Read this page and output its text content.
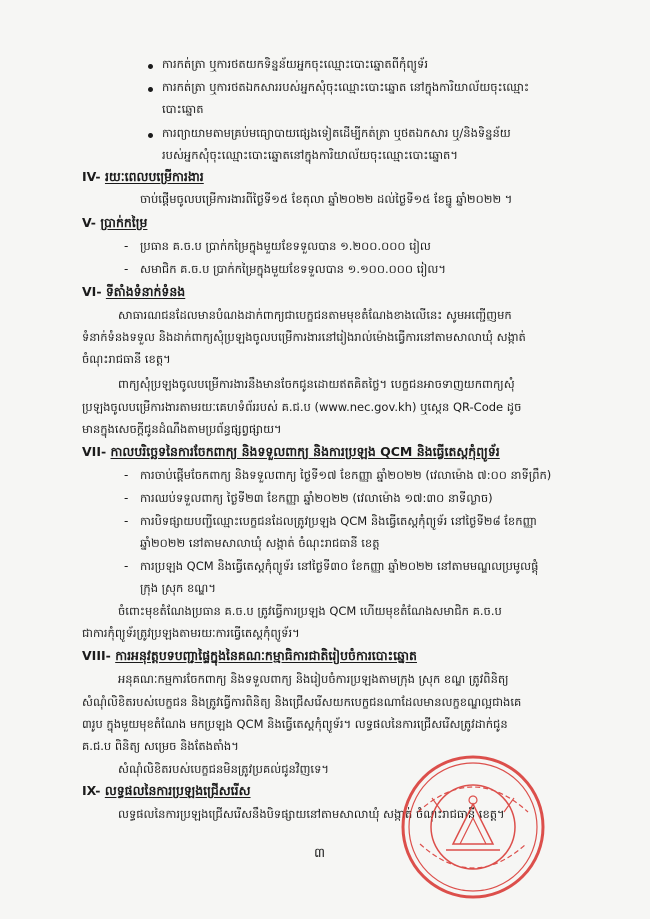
ការកត់ត្រា ឬការថតយកទិន្នន័យអ្នកចុះឈ្មោះបោះឆ្នោតពីកុំព្យូទ័រ
ការកត់ត្រា ឬការថតឯកសាររបស់អ្នកសុំចុះឈ្មោះបោះឆ្នោត នៅក្នុងការិយាល័យចុះឈ្មោះ
បោះឆ្នោត
ការព្យាយាមតាមគ្រប់មធ្យោបាយផ្សេងទៀតដើម្បីកត់ត្រា ឬថតឯកសារ ឬ/និងទិន្នន័យ
របស់អ្នកសុំចុះឈ្មោះបោះឆ្នោតនៅក្នុងការិយាល័យចុះឈ្មោះបោះឆ្នោត។
IV- រយៈពេលបម្រើការងារ
ចាប់ផ្តើមចូលបម្រើការងារពីថ្ងៃទី១៥ ខែតុលា ឆ្នាំ២០២២ ដល់ថ្ងៃទី១៥ ខែធ្នូ ឆ្នាំ២០២២ ។
V- ប្រាក់កម្រៃ
- ប្រធាន គ.ច.ប ប្រាក់កម្រៃក្នុងមួយខែទទួលបាន ១.២០០.០០០ រៀល
- សមាជិក គ.ច.ប ប្រាក់កម្រៃក្នុងមួយខែទទួលបាន ១.១០០.០០០ រៀល។
VI- ទីតាំងទំនាក់ទំនង
សាធារណជនដែលមានបំណងដាក់ពាក្យជាបេក្ខជនតាមមុខតំណែងខាងលើនេះ សូមអញ្ជើញមក
ទំនាក់ទំនងទទួល និងដាក់ពាក្យសុំប្រឡងចូលបម្រើការងារនៅរៀងរាល់ម៉ោងធ្វើការនៅតាមសាលាឃុំ សង្កាត់
ចំណុះរាជធានី ខេត្ត។
ពាក្យសុំប្រឡងចូលបម្រើការងារនឹងមានចែកជូនដោយឥតគិតថ្លៃ។ បេក្ខជនអាចទាញយកពាក្យសុំ
ប្រឡងចូលបម្រើការងារតាមរយៈគេហទំព័ររបស់ គ.ជ.ប (www.nec.gov.kh) ឬស្កេន QR-Code ដូច
មានក្នុងសេចក្តីជូនដំណឹងតាមប្រព័ន្ធផ្សព្វផ្សាយ។
VII- កាលបរិច្ឆេទនៃការចែកពាក្យ និងទទួលពាក្យ និងការប្រឡង QCM និងធ្វើតេស្តកុំព្យូទ័រ
- ការចាប់ផ្តើមចែកពាក្យ និងទទួលពាក្យ ថ្ងៃទី១៧ ខែកញ្ញា ឆ្នាំ២០២២ (វេលាម៉ោង ៧:០០ នាទីព្រឹក)
- ការឈប់ទទួលពាក្យ ថ្ងៃទី២៣ ខែកញ្ញា ឆ្នាំ២០២២ (វេលាម៉ោង ១៧:៣០ នាទីល្ងាច)
- ការបិទផ្សាយបញ្ជីឈ្មោះបេក្ខជនដែលត្រូវប្រឡង QCM និងធ្វើតេស្តកុំព្យូទ័រ នៅថ្ងៃទី២៨ ខែកញ្ញា
ឆ្នាំ២០២២ នៅតាមសាលាឃុំ សង្កាត់ ចំណុះរាជធានី ខេត្ត
- ការប្រឡង QCM និងធ្វើតេស្តកុំព្យូទ័រ នៅថ្ងៃទី៣០ ខែកញ្ញា ឆ្នាំ២០២២ នៅតាមមណ្ឌលប្រមូលផ្តុំ
ក្រុង ស្រុក ខណ្ឌ។
ចំពោះមុខតំណែងប្រធាន គ.ច.ប ត្រូវធ្វើការប្រឡង QCM ហើយមុខតំណែងសមាជិក គ.ច.ប
ជាការកុំព្យូទ័រត្រូវប្រឡងតាមរយៈការធ្វើតេស្តកុំព្យូទ័រ។
VIII- ការអនុវត្តបទបញ្ជាផ្ទៃក្នុងនៃគណៈកម្មាធិការជាតិរៀបចំការបោះឆ្នោត
អនុគណៈកម្មការចែកពាក្យ និងទទួលពាក្យ និងរៀបចំការប្រឡងតាមក្រុង ស្រុក ខណ្ឌ ត្រូវពិនិត្យ
សំណុំលិខិតរបស់បេក្ខជន និងត្រូវធ្វើការពិនិត្យ និងជ្រើសរើសយកបេក្ខជនណាដែលមានលក្ខខណ្ឌល្អជាងគេ
៣រូប ក្នុងមួយមុខតំណែង មកប្រឡង QCM និងធ្វើតេស្តកុំព្យូទ័រ។ លទ្ធផលនៃការជ្រើសរើសត្រូវដាក់ជូន
គ.ជ.ប ពិនិត្យ សម្រេច និងតែងតាំង។
សំណុំលិខិតរបស់បេក្ខជនមិនត្រូវប្រគល់ជូនវិញទេ។
IX- លទ្ធផលនៃការប្រឡងជ្រើសរើស
លទ្ធផលនៃការប្រឡងជ្រើសរើសនឹងបិទផ្សាយនៅតាមសាលាឃុំ សង្កាត់ ចំណុះរាជធានី ខេត្ត។
៣
